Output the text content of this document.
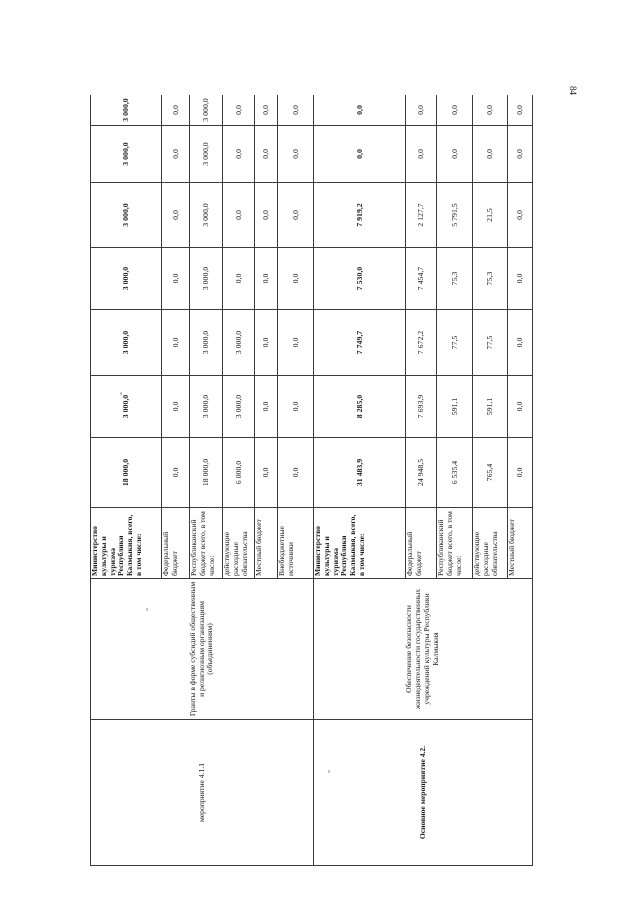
84
мероприятие 4.1.1	Гранты в форме субсидий общественным и религиозным организациям (объединениям)	Министерство культуры и туризма Республики Калмыкия, всего, в том числе:	18 000,0	3 000,0	3 000,0	3 000,0	3 000,0	3 000,0	3 000,0
		Федеральный бюджет	0,0	0,0	0,0	0,0	0,0	0,0	0,0
		Республиканский бюджет всего, в том числе:	18 000,0	3 000,0	3 000,0	3 000,0	3 000,0	3 000,0	3 000,0
		действующие расходные обязательства	6 000,0	3 000,0	3 000,0	0,0	0,0	0,0	0,0
		Местный бюджет	0,0	0,0	0,0	0,0	0,0	0,0	0,0
		Внебюджетные источники	0,0	0,0	0,0	0,0	0,0	0,0	0,0
Основное мероприятие 4.2.	Обеспечение безопасности жизнедеятельности государственных учреждений культуры Республики Калмыкия	Министерство культуры и туризма Республики Калмыкия, всего, в том числе:	31 483,9	8 285,0	7 749,7	7 530,0	7 919,2	0,0	0,0
		Федеральный бюджет	24 948,5	7 693,9	7 672,2	7 454,7	2 127,7	0,0	0,0
		Республиканский бюджет всего, в том числе:	6 535,4	591,1	77,5	75,3	5 791,5	0,0	0,0
		действующие расходные обязательства	765,4	591,1	77,5	75,3	21,5	0,0	0,0
		Местный бюджет	0,0	0,0	0,0	0,0	0,0	0,0	0,0
